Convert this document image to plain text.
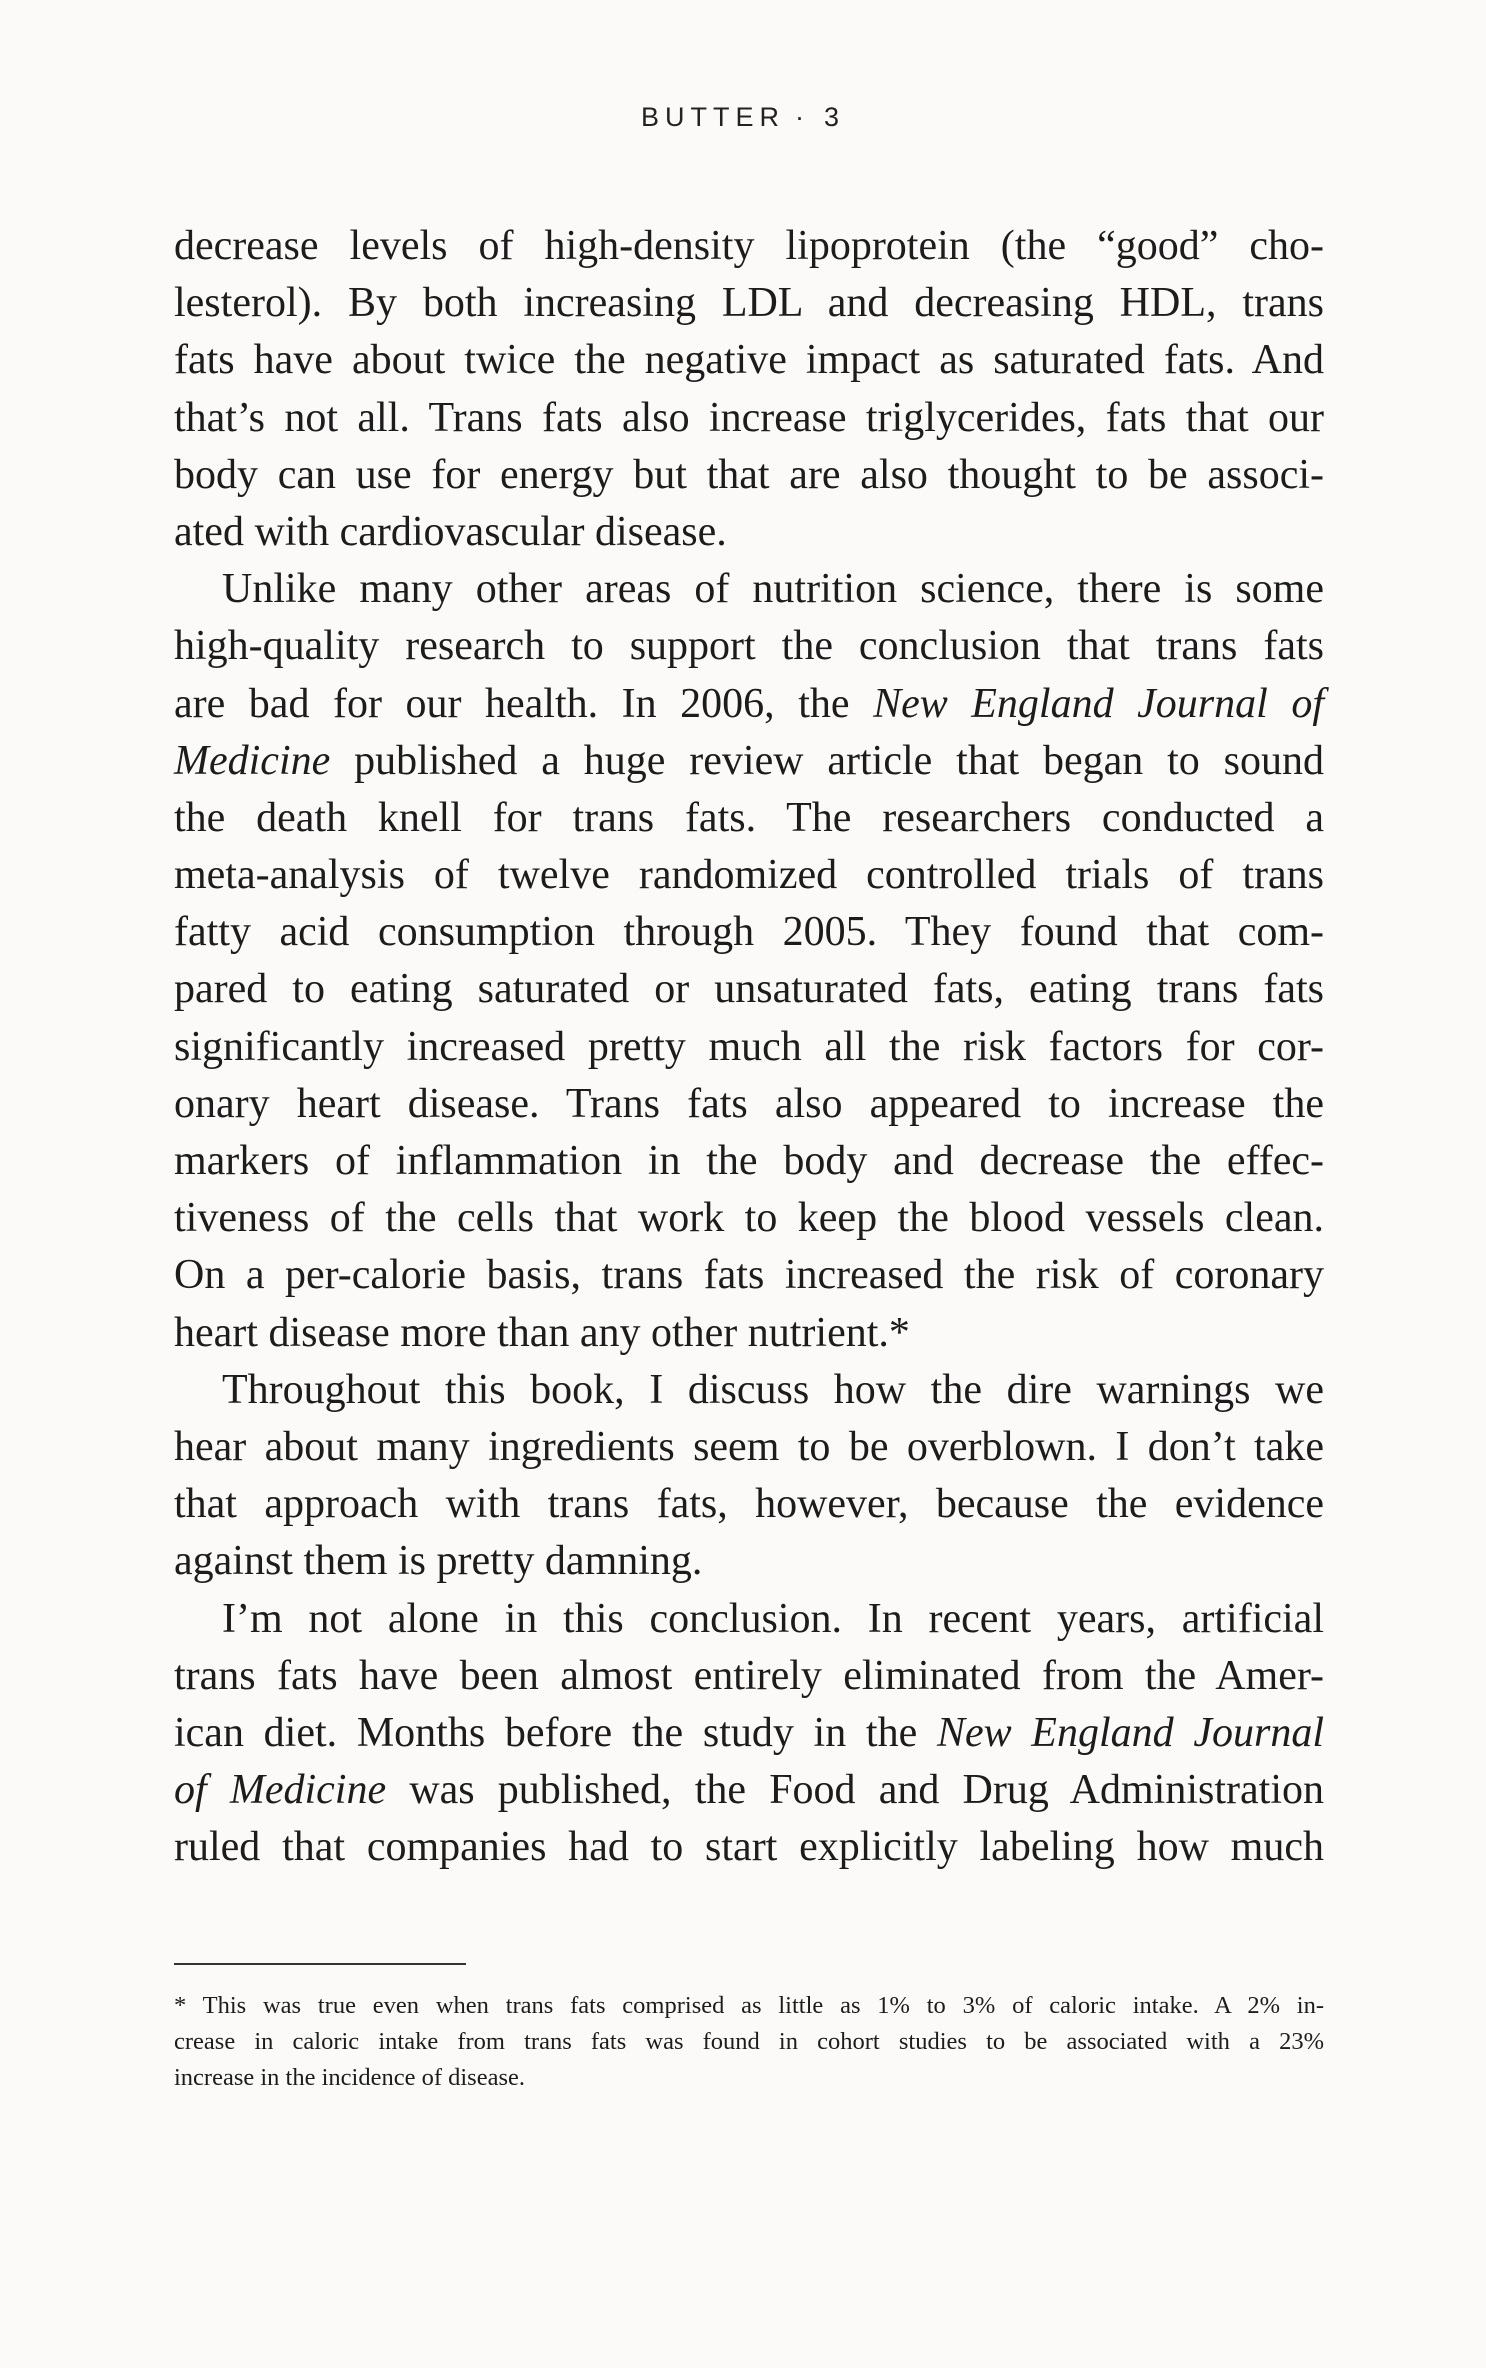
BUTTER · 3
decrease levels of high-density lipoprotein (the “good” cho-
lesterol). By both increasing LDL and decreasing HDL, trans
fats have about twice the negative impact as saturated fats. And
that’s not all. Trans fats also increase triglycerides, fats that our
body can use for energy but that are also thought to be associ-
ated with cardiovascular disease.
Unlike many other areas of nutrition science, there is some
high-quality research to support the conclusion that trans fats
are bad for our health. In 2006, the New England Journal of
Medicine published a huge review article that began to sound
the death knell for trans fats. The researchers conducted a
meta-analysis of twelve randomized controlled trials of trans
fatty acid consumption through 2005. They found that com-
pared to eating saturated or unsaturated fats, eating trans fats
significantly increased pretty much all the risk factors for cor-
onary heart disease. Trans fats also appeared to increase the
markers of inflammation in the body and decrease the effec-
tiveness of the cells that work to keep the blood vessels clean.
On a per-calorie basis, trans fats increased the risk of coronary
heart disease more than any other nutrient.*
Throughout this book, I discuss how the dire warnings we
hear about many ingredients seem to be overblown. I don’t take
that approach with trans fats, however, because the evidence
against them is pretty damning.
I’m not alone in this conclusion. In recent years, artificial
trans fats have been almost entirely eliminated from the Amer-
ican diet. Months before the study in the New England Journal
of Medicine was published, the Food and Drug Administration
ruled that companies had to start explicitly labeling how much
* This was true even when trans fats comprised as little as 1% to 3% of caloric intake. A 2% in-
crease in caloric intake from trans fats was found in cohort studies to be associated with a 23%
increase in the incidence of disease.
